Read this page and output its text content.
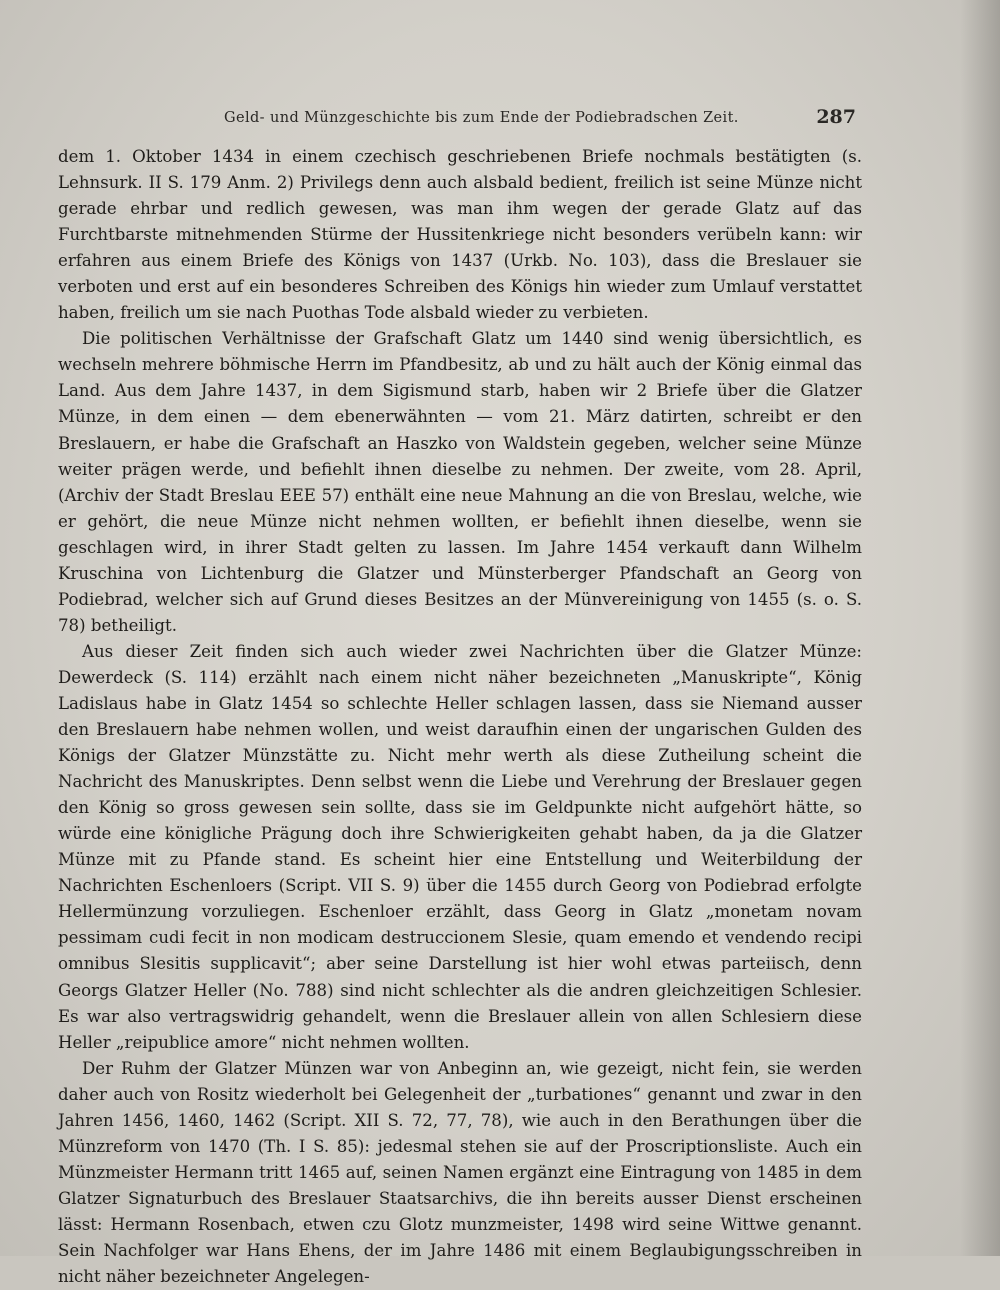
Geld- und Münzgeschichte bis zum Ende der Podiebradschen Zeit.	287

dem 1. Oktober 1434 in einem czechisch geschriebenen Briefe nochmals bestätigten (s. Lehnsurk. II S. 179 Anm. 2) Privilegs denn auch alsbald bedient, freilich ist seine Münze nicht gerade ehrbar und redlich gewesen, was man ihm wegen der gerade Glatz auf das Furchtbarste mitnehmenden Stürme der Hussitenkriege nicht besonders verübeln kann: wir erfahren aus einem Briefe des Königs von 1437 (Urkb. No. 103), dass die Breslauer sie verboten und erst auf ein besonderes Schreiben des Königs hin wieder zum Umlauf verstattet haben, freilich um sie nach Puothas Tode alsbald wieder zu verbieten.

Die politischen Verhältnisse der Grafschaft Glatz um 1440 sind wenig übersichtlich, es wechseln mehrere böhmische Herrn im Pfandbesitz, ab und zu hält auch der König einmal das Land. Aus dem Jahre 1437, in dem Sigismund starb, haben wir 2 Briefe über die Glatzer Münze, in dem einen — dem ebenerwähnten — vom 21. März datirten, schreibt er den Breslauern, er habe die Grafschaft an Haszko von Waldstein gegeben, welcher seine Münze weiter prägen werde, und befiehlt ihnen dieselbe zu nehmen. Der zweite, vom 28. April, (Archiv der Stadt Breslau EEE 57) enthält eine neue Mahnung an die von Breslau, welche, wie er gehört, die neue Münze nicht nehmen wollten, er befiehlt ihnen dieselbe, wenn sie geschlagen wird, in ihrer Stadt gelten zu lassen. Im Jahre 1454 verkauft dann Wilhelm Kruschina von Lichtenburg die Glatzer und Münsterberger Pfandschaft an Georg von Podiebrad, welcher sich auf Grund dieses Besitzes an der Münvereinigung von 1455 (s. o. S. 78) betheiligt.

Aus dieser Zeit finden sich auch wieder zwei Nachrichten über die Glatzer Münze: Dewerdeck (S. 114) erzählt nach einem nicht näher bezeichneten „Manuskripte“, König Ladislaus habe in Glatz 1454 so schlechte Heller schlagen lassen, dass sie Niemand ausser den Breslauern habe nehmen wollen, und weist daraufhin einen der ungarischen Gulden des Königs der Glatzer Münzstätte zu. Nicht mehr werth als diese Zutheilung scheint die Nachricht des Manuskriptes. Denn selbst wenn die Liebe und Verehrung der Breslauer gegen den König so gross gewesen sein sollte, dass sie im Geldpunkte nicht aufgehört hätte, so würde eine königliche Prägung doch ihre Schwierigkeiten gehabt haben, da ja die Glatzer Münze mit zu Pfande stand. Es scheint hier eine Entstellung und Weiterbildung der Nachrichten Eschenloers (Script. VII S. 9) über die 1455 durch Georg von Podiebrad erfolgte Hellermünzung vorzuliegen. Eschenloer erzählt, dass Georg in Glatz „monetam novam pessimam cudi fecit in non modicam destruccionem Slesie, quam emendo et vendendo recipi omnibus Slesitis supplicavit“; aber seine Darstellung ist hier wohl etwas parteiisch, denn Georgs Glatzer Heller (No. 788) sind nicht schlechter als die andren gleichzeitigen Schlesier. Es war also vertragswidrig gehandelt, wenn die Breslauer allein von allen Schlesiern diese Heller „reipublice amore“ nicht nehmen wollten.

Der Ruhm der Glatzer Münzen war von Anbeginn an, wie gezeigt, nicht fein, sie werden daher auch von Rositz wiederholt bei Gelegenheit der „turbationes“ genannt und zwar in den Jahren 1456, 1460, 1462 (Script. XII S. 72, 77, 78), wie auch in den Berathungen über die Münzreform von 1470 (Th. I S. 85): jedesmal stehen sie auf der Proscriptionsliste. Auch ein Münzmeister Hermann tritt 1465 auf, seinen Namen ergänzt eine Eintragung von 1485 in dem Glatzer Signaturbuch des Breslauer Staatsarchivs, die ihn bereits ausser Dienst erscheinen lässt: Hermann Rosenbach, etwen czu Glotz munzmeister, 1498 wird seine Wittwe genannt. Sein Nachfolger war Hans Ehens, der im Jahre 1486 mit einem Beglaubigungsschreiben in nicht näher bezeichneter Angelegen-
